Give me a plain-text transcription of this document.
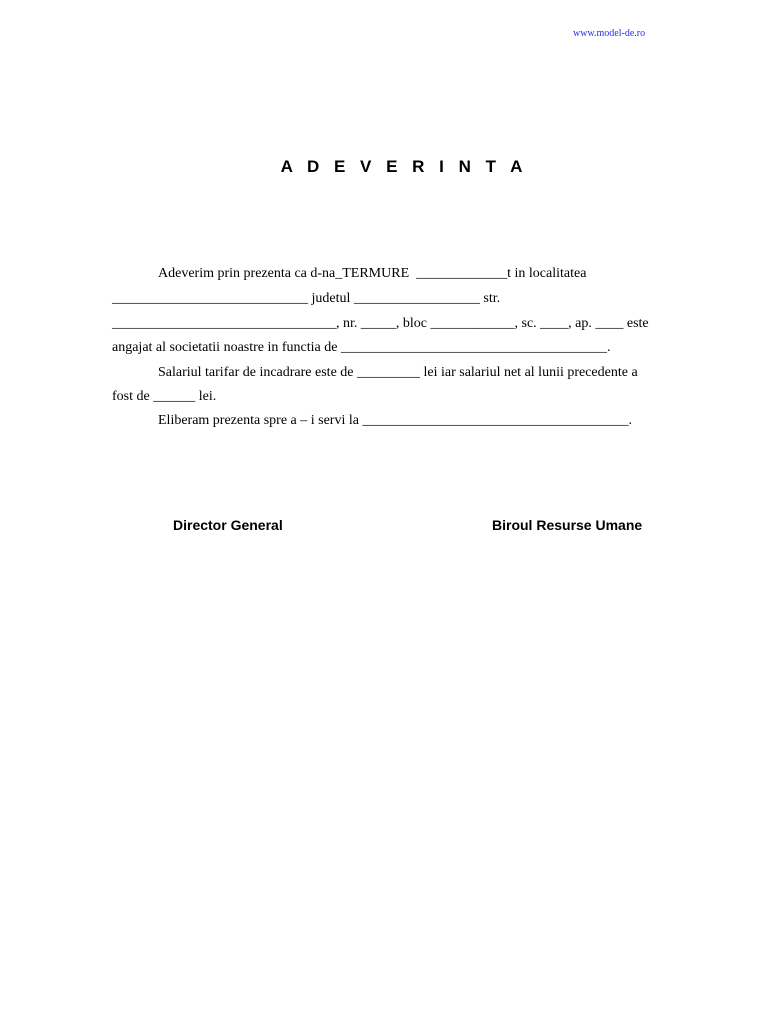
www.model-de.ro
A D E V E R I N T A
Adeverim prin prezenta ca d-na_TERMURE  _____________t in localitatea
____________________________ judetul __________________ str.
________________________________, nr. _____, bloc ____________, sc. ____, ap. ____ este
angajat al societatii noastre in functia de ______________________________________.
Salariul tarifar de incadrare este de _________ lei iar salariul net al lunii precedente a
fost de ______ lei.
Eliberam prezenta spre a – i servi la ______________________________________.
Director General	Biroul Resurse Umane
